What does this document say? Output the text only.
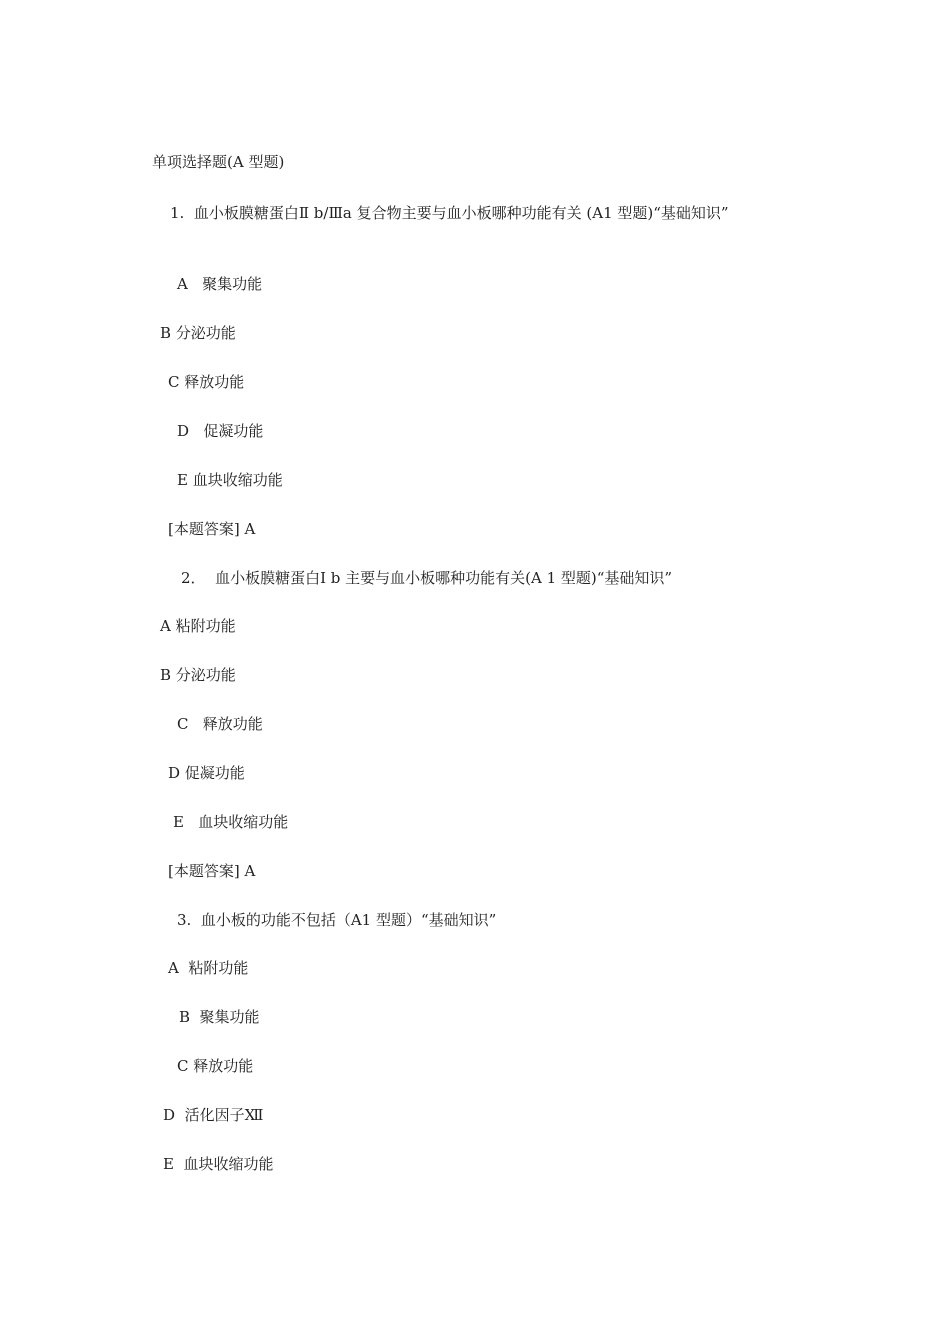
单项选择题(A 型题)
1.  血小板膜糖蛋白Ⅱ b/Ⅲa 复合物主要与血小板哪种功能有关 (A1 型题)“基础知识”
A   聚集功能
B 分泌功能
C 释放功能
D   促凝功能
E 血块收缩功能
[本题答案] A
2．  血小板膜糖蛋白Ⅰ b 主要与血小板哪种功能有关(A 1 型题)“基础知识”
A 粘附功能
B 分泌功能
C   释放功能
D 促凝功能
E   血块收缩功能
[本题答案] A
3.  血小板的功能不包括（A1 型题）“基础知识”
A  粘附功能
B  聚集功能
C 释放功能
D  活化因子Ⅻ
E  血块收缩功能
